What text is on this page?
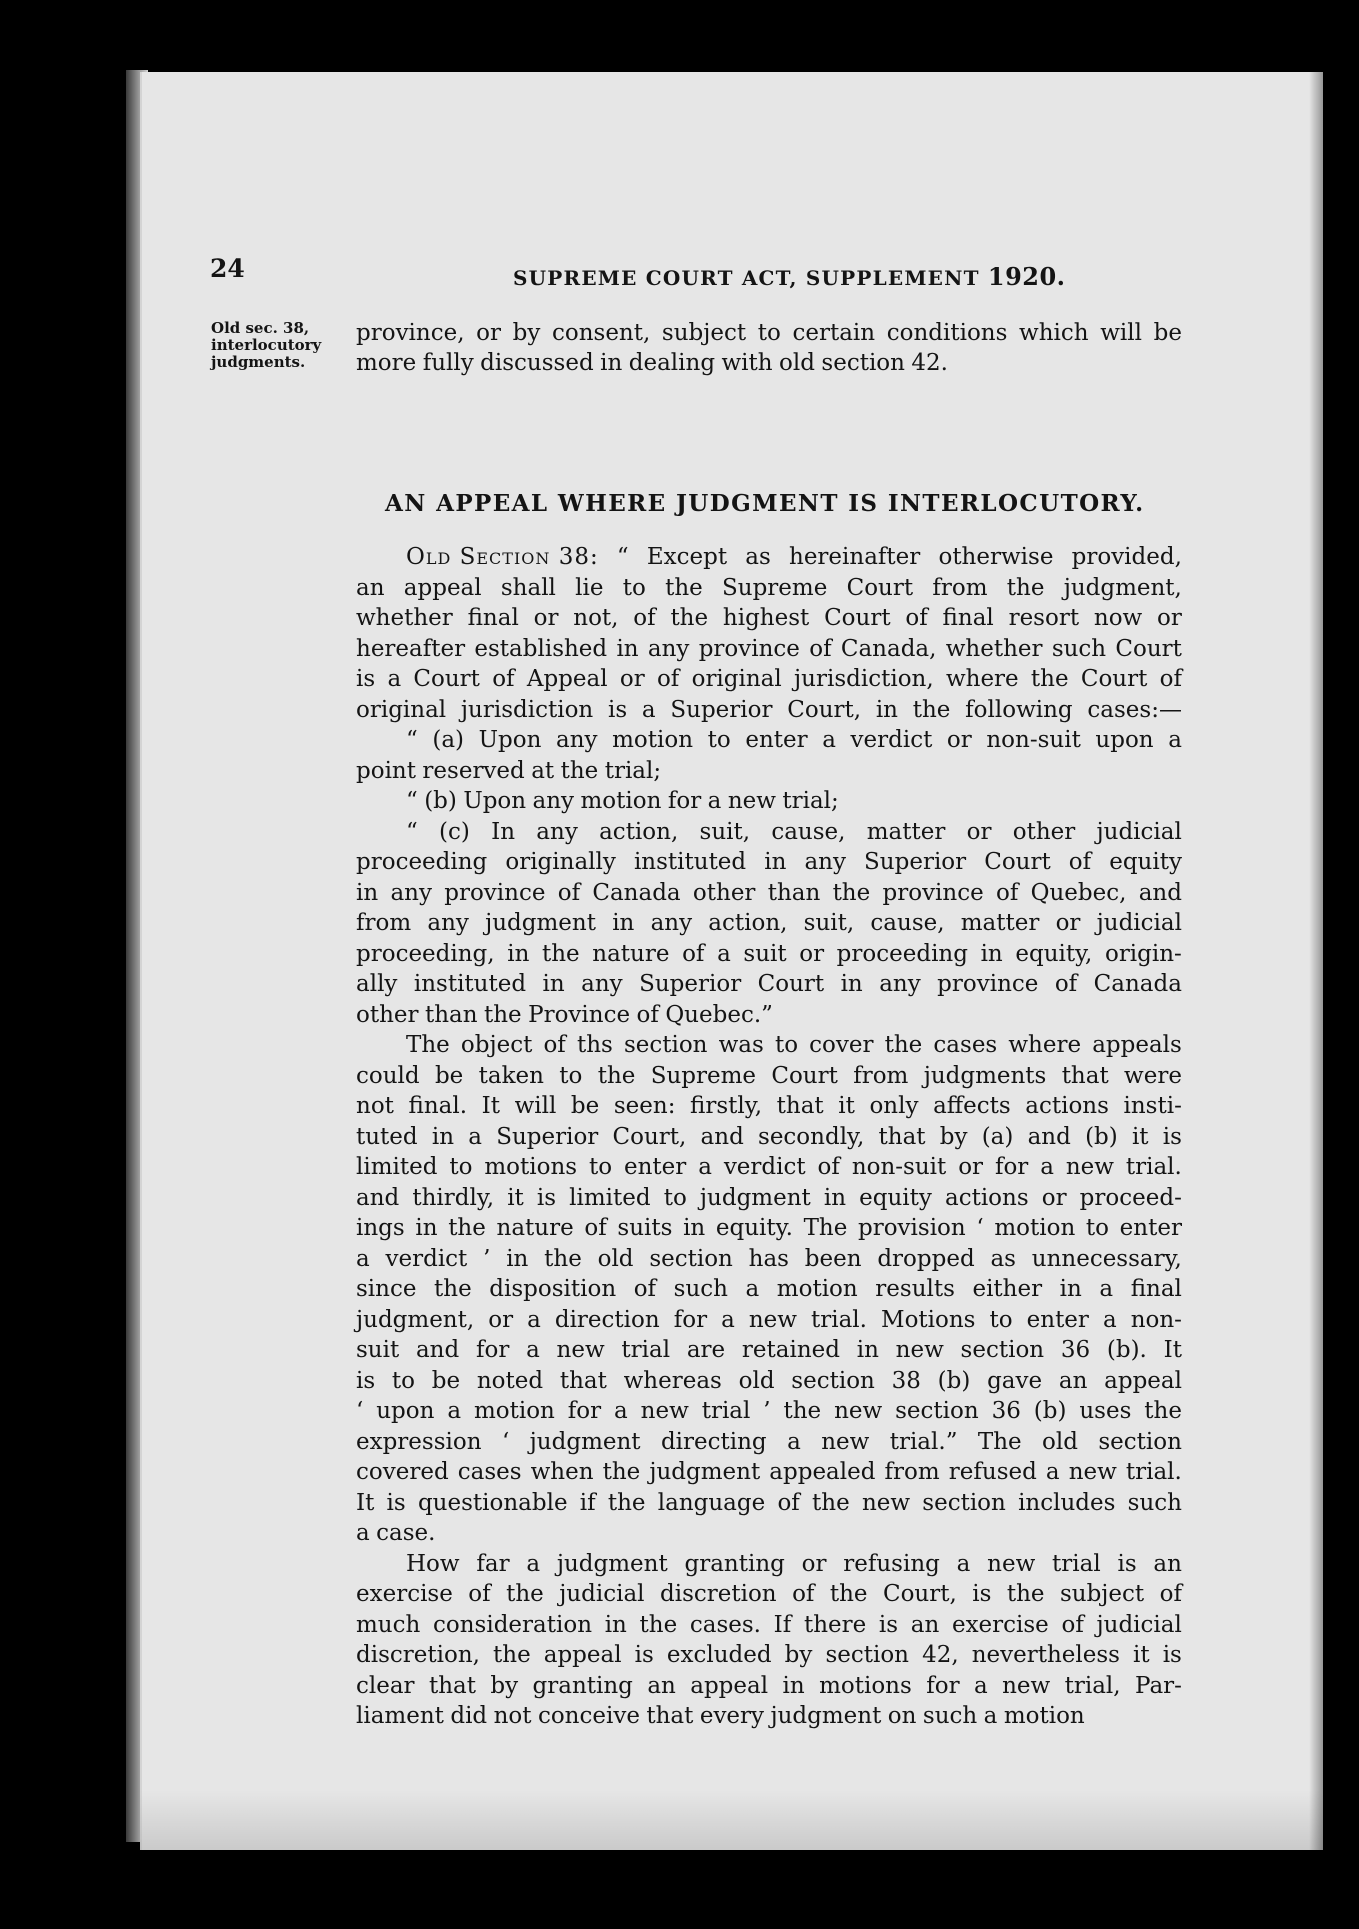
24	SUPREME COURT ACT, SUPPLEMENT 1920.
Old sec. 38,
interlocutory
judgments.
province, or by consent, subject to certain conditions which will be
more fully discussed in dealing with old section 42.
AN APPEAL WHERE JUDGMENT IS INTERLOCUTORY.
Old Section 38: “ Except as hereinafter otherwise provided,
an appeal shall lie to the Supreme Court from the judgment,
whether final or not, of the highest Court of final resort now or
hereafter established in any province of Canada, whether such Court
is a Court of Appeal or of original jurisdiction, where the Court of
original jurisdiction is a Superior Court, in the following cases:—
“ (a) Upon any motion to enter a verdict or non-suit upon a
point reserved at the trial;
“ (b) Upon any motion for a new trial;
“ (c) In any action, suit, cause, matter or other judicial
proceeding originally instituted in any Superior Court of equity
in any province of Canada other than the province of Quebec, and
from any judgment in any action, suit, cause, matter or judicial
proceeding, in the nature of a suit or proceeding in equity, origin-
ally instituted in any Superior Court in any province of Canada
other than the Province of Quebec.”
The object of ths section was to cover the cases where appeals
could be taken to the Supreme Court from judgments that were
not final. It will be seen: firstly, that it only affects actions insti-
tuted in a Superior Court, and secondly, that by (a) and (b) it is
limited to motions to enter a verdict of non-suit or for a new trial.
and thirdly, it is limited to judgment in equity actions or proceed-
ings in the nature of suits in equity. The provision ‘ motion to enter
a verdict ’ in the old section has been dropped as unnecessary,
since the disposition of such a motion results either in a final
judgment, or a direction for a new trial. Motions to enter a non-
suit and for a new trial are retained in new section 36 (b). It
is to be noted that whereas old section 38 (b) gave an appeal
‘ upon a motion for a new trial ’ the new section 36 (b) uses the
expression ‘ judgment directing a new trial.” The old section
covered cases when the judgment appealed from refused a new trial.
It is questionable if the language of the new section includes such
a case.
How far a judgment granting or refusing a new trial is an
exercise of the judicial discretion of the Court, is the subject of
much consideration in the cases. If there is an exercise of judicial
discretion, the appeal is excluded by section 42, nevertheless it is
clear that by granting an appeal in motions for a new trial, Par-
liament did not conceive that every judgment on such a motion
